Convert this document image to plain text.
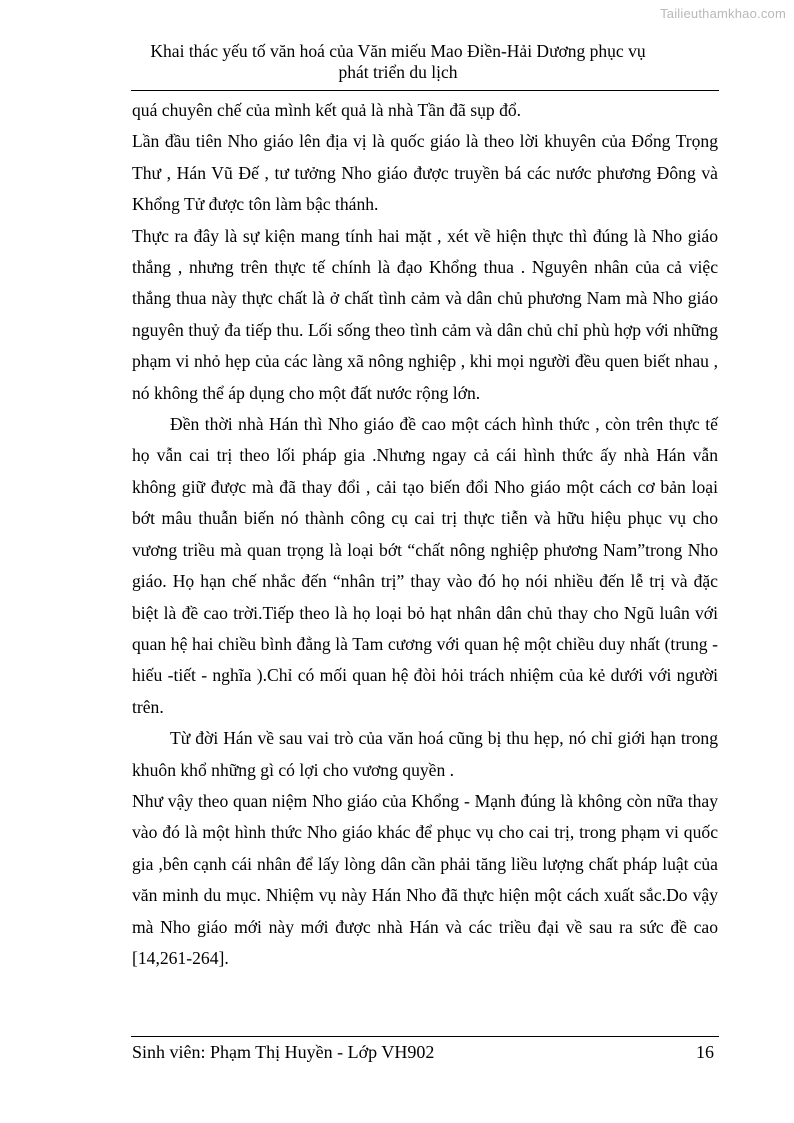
Tailieuthamkhao.com
Khai thác yếu tố văn hoá của Văn miếu Mao Điền-Hải Dương phục vụ
phát triển du lịch

quá chuyên chế của mình kết quả là nhà Tần đã sụp đổ.

Lần đầu tiên Nho giáo lên địa vị là quốc giáo là theo lời khuyên của Đổng Trọng Thư , Hán Vũ Đế , tư tưởng Nho giáo được truyền bá các nước phương Đông và Khổng Tử được tôn làm bậc thánh.

Thực ra đây là sự kiện mang tính hai mặt , xét về hiện thực thì đúng là Nho giáo thắng , nhưng trên thực tế chính là đạo Khổng thua . Nguyên nhân của cả việc thắng thua này thực chất là ở chất tình cảm và dân chủ phương Nam mà Nho giáo nguyên thuỷ đa tiếp thu. Lối sống theo tình cảm và dân chủ chỉ phù hợp với những phạm vi nhỏ hẹp của các làng xã nông nghiệp , khi mọi người đều quen biết nhau , nó không thể áp dụng cho một đất nước rộng lớn.

Đền thời nhà Hán thì Nho giáo đề cao một cách hình thức , còn trên thực tế họ vẫn cai trị theo lối pháp gia .Nhưng ngay cả cái hình thức ấy nhà Hán vẫn không giữ được mà đã thay đổi , cải tạo biến đổi Nho giáo một cách cơ bản loại bớt mâu thuẫn biến nó thành công cụ cai trị thực tiễn và hữu hiệu phục vụ cho vương triều mà quan trọng là loại bớt “chất nông nghiệp phương Nam”trong Nho giáo. Họ hạn chế nhắc đến “nhân trị” thay vào đó họ nói nhiều đến lễ trị và đặc biệt là đề cao trời.Tiếp theo là họ loại bỏ hạt nhân dân chủ thay cho Ngũ luân với quan hệ hai chiều bình đẳng là Tam cương với quan hệ một chiều duy nhất (trung - hiếu -tiết - nghĩa ).Chỉ có mối quan hệ đòi hỏi trách nhiệm của kẻ dưới với người trên.

Từ đời Hán về sau vai trò của văn hoá cũng bị thu hẹp, nó chỉ giới hạn trong khuôn khổ những gì có lợi cho vương quyền .

Như vậy theo quan niệm Nho giáo của Khổng - Mạnh đúng là không còn nữa thay vào đó là một hình thức Nho giáo khác để phục vụ cho cai trị, trong phạm vi quốc gia ,bên cạnh cái nhân để lấy lòng dân cần phải tăng liều lượng chất pháp luật của văn minh du mục. Nhiệm vụ này Hán Nho đã thực hiện một cách xuất sắc.Do vậy mà Nho giáo mới này mới được nhà Hán và các triều đại về sau ra sức đề cao [14,261-264].

Sinh viên: Phạm Thị Huyền - Lớp VH902	16
